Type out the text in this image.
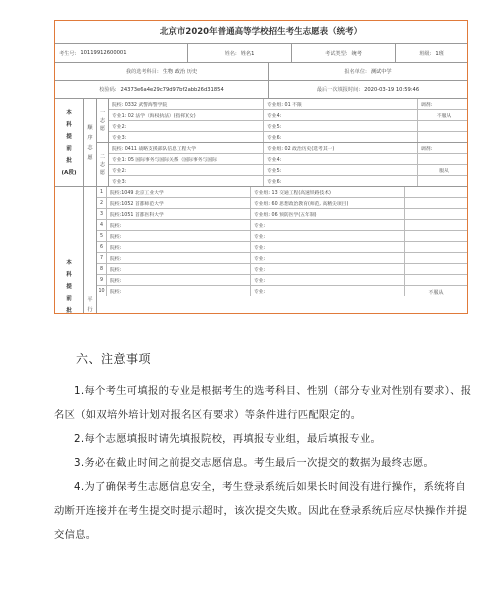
北京市2020年普通高等学校招生考生志愿表（统考）
考生号: 10119912600001	姓名: 姓名1	考试类型: 统考	班级: 1班
我的选考科目: 生物 政治 历史	报名单位: 测试中学
校验码: 24373e6a4e29c79d97bf2abb26d31854	最后一次填报时间: 2020-03-19 10:59:46
本
科
提
前
批
(A段)
顺
序
志
愿
一
志
愿
院校: 0332 武警海警学院	专业组: 01 不限	调剂:
专业1: 02 法学（海权执法）(指挥)(女)	专业4:	不服从
专业2:	专业5:
专业3:	专业6:
二
志
愿
院校: 0411 战略支援部队信息工程大学	专业组: 02 政治历史(选考其一)	调剂:
专业1: 05 国际事务与国际关系（国际事务与国际	专业4:
专业2:	专业5:	服从
专业3:	专业6:
本
科
提
前
批
平
行
1	院校:1049 北京工业大学	专业组: 13 交通工程(高速铁路技术)
2	院校:1052 首都师范大学	专业组: 60 思想政治教育(师范, 高精尖项目)
3	院校:1051 首都医科大学	专业组: 06 预防医学(五年制)
4	院校:	专业:
5	院校:	专业:
6	院校:	专业:
7	院校:	专业:
8	院校:	专业:
9	院校:	专业:
10	院校:	专业:	不服从
六、注意事项

1.每个考生可填报的专业是根据考生的选考科目、性别（部分专业对性别有要求）、报名区（如双培外培计划对报名区有要求）等条件进行匹配限定的。

2.每个志愿填报时请先填报院校，再填报专业组，最后填报专业。

3.务必在截止时间之前提交志愿信息。考生最后一次提交的数据为最终志愿。

4.为了确保考生志愿信息安全，考生登录系统后如果长时间没有进行操作，系统将自动断开连接并在考生提交时提示超时，该次提交失败。因此在登录系统后应尽快操作并提交信息。
